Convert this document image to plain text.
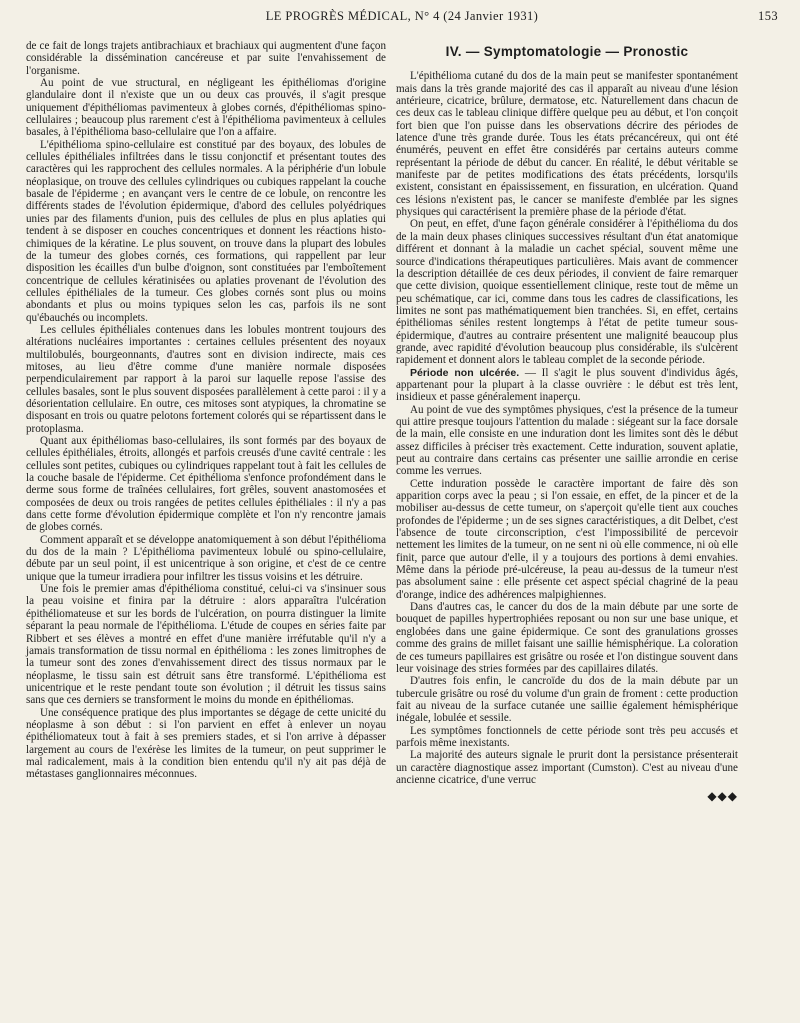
LE PROGRÈS MÉDICAL, N° 4 (24 Janvier 1931)	153

de ce fait de longs trajets antibrachiaux et brachiaux qui augmentent d'une façon considérable la dissémination cancéreuse et par suite l'envahissement de l'organisme.

Au point de vue structural, en négligeant les épithéliomas d'origine glandulaire dont il n'existe que un ou deux cas prouvés, il s'agit presque uniquement d'épithéliomas pavimenteux à globes cornés, d'épithéliomas spino-cellulaires ; beaucoup plus rarement c'est à l'épithélioma pavimenteux à cellules basales, à l'épithélioma baso-cellulaire que l'on a affaire.

L'épithélioma spino-cellulaire est constitué par des boyaux, des lobules de cellules épithéliales infiltrées dans le tissu conjonctif et présentant toutes des caractères qui les rapprochent des cellules normales. A la périphérie d'un lobule néoplasique, on trouve des cellules cylindriques ou cubiques rappelant la couche basale de l'épiderme ; en avançant vers le centre de ce lobule, on rencontre les différents stades de l'évolution épidermique, d'abord des cellules polyédriques unies par des filaments d'union, puis des cellules de plus en plus aplaties qui tendent à se disposer en couches concentriques et donnent les réactions histo-chimiques de la kératine. Le plus souvent, on trouve dans la plupart des lobules de la tumeur des globes cornés, ces formations, qui rappellent par leur disposition les écailles d'un bulbe d'oignon, sont constituées par l'emboîtement concentrique de cellules kératinisées ou aplaties provenant de l'évolution des cellules épithéliales de la tumeur. Ces globes cornés sont plus ou moins abondants et plus ou moins typiques selon les cas, parfois ils ne sont qu'ébauchés ou incomplets.

Les cellules épithéliales contenues dans les lobules montrent toujours des altérations nucléaires importantes : certaines cellules présentent des noyaux multilobulés, bourgeonnants, d'autres sont en division indirecte, mais ces mitoses, au lieu d'être comme d'une manière normale disposées perpendiculairement par rapport à la paroi sur laquelle repose l'assise des cellules basales, sont le plus souvent disposées parallèlement à cette paroi : il y a désorientation cellulaire. En outre, ces mitoses sont atypiques, la chromatine se disposant en trois ou quatre pelotons fortement colorés qui se répartissent dans le protoplasma.

Quant aux épithéliomas baso-cellulaires, ils sont formés par des boyaux de cellules épithéliales, étroits, allongés et parfois creusés d'une cavité centrale : les cellules sont petites, cubiques ou cylindriques rappelant tout à fait les cellules de la couche basale de l'épiderme. Cet épithélioma s'enfonce profondément dans le derme sous forme de traînées cellulaires, fort grêles, souvent anastomosées et composées de deux ou trois rangées de petites cellules épithéliales : il n'y a pas dans cette forme d'évolution épidermique complète et l'on n'y rencontre jamais de globes cornés.

Comment apparaît et se développe anatomiquement à son début l'épithélioma du dos de la main ? L'épithélioma pavimenteux lobulé ou spino-cellulaire, débute par un seul point, il est unicentrique à son origine, et c'est de ce centre unique que la tumeur irradiera pour infiltrer les tissus voisins et les détruire.

Une fois le premier amas d'épithélioma constitué, celui-ci va s'insinuer sous la peau voisine et finira par la détruire : alors apparaîtra l'ulcération épithéliomateuse et sur les bords de l'ulcération, on pourra distinguer la limite séparant la peau normale de l'épithélioma. L'étude de coupes en séries faite par Ribbert et ses élèves a montré en effet d'une manière irréfutable qu'il n'y a jamais transformation de tissu normal en épithélioma : les zones limitrophes de la tumeur sont des zones d'envahissement direct des tissus normaux par le néoplasme, le tissu sain est détruit sans être transformé. L'épithélioma est unicentrique et le reste pendant toute son évolution ; il détruit les tissus sains sans que ces derniers se transforment le moins du monde en épithéliomas.

Une conséquence pratique des plus importantes se dégage de cette unicité du néoplasme à son début : si l'on parvient en effet à enlever un noyau épithéliomateux tout à fait à ses premiers stades, et si l'on arrive à dépasser largement au cours de l'exérèse les limites de la tumeur, on peut supprimer le mal radicalement, mais à la condition bien entendu qu'il n'y ait pas déjà de métastases ganglionnaires méconnues.

IV. — Symptomatologie — Pronostic

L'épithélioma cutané du dos de la main peut se manifester spontanément mais dans la très grande majorité des cas il apparaît au niveau d'une lésion antérieure, cicatrice, brûlure, dermatose, etc. Naturellement dans chacun de ces deux cas le tableau clinique diffère quelque peu au début, et l'on conçoit fort bien que l'on puisse dans les observations décrire des périodes de latence d'une très grande durée. Tous les états précancéreux, qui ont été énumérés, peuvent en effet être considérés par certains auteurs comme représentant la période de début du cancer. En réalité, le début véritable se manifeste par de petites modifications des états précédents, lorsqu'ils existent, consistant en épaississement, en fissuration, en ulcération. Quand ces lésions n'existent pas, le cancer se manifeste d'emblée par les signes physiques qui caractérisent la première phase de la période d'état.

On peut, en effet, d'une façon générale considérer à l'épithélioma du dos de la main deux phases cliniques successives résultant d'un état anatomique différent et donnant à la maladie un cachet spécial, souvent même une source d'indications thérapeutiques particulières. Mais avant de commencer la description détaillée de ces deux périodes, il convient de faire remarquer que cette division, quoique essentiellement clinique, reste tout de même un peu schématique, car ici, comme dans tous les cadres de classifications, les limites ne sont pas mathématiquement bien tranchées. Si, en effet, certains épithéliomas séniles restent longtemps à l'état de petite tumeur sous-épidermique, d'autres au contraire présentent une malignité beaucoup plus grande, avec rapidité d'évolution beaucoup plus considérable, ils s'ulcèrent rapidement et donnent alors le tableau complet de la seconde période.

Période non ulcérée. — Il s'agit le plus souvent d'individus âgés, appartenant pour la plupart à la classe ouvrière : le début est très lent, insidieux et passe généralement inaperçu.

Au point de vue des symptômes physiques, c'est la présence de la tumeur qui attire presque toujours l'attention du malade : siégeant sur la face dorsale de la main, elle consiste en une induration dont les limites sont dès le début assez difficiles à préciser très exactement. Cette induration, souvent aplatie, peut au contraire dans certains cas présenter une saillie arrondie en cerise comme les verrues.

Cette induration possède le caractère important de faire dès son apparition corps avec la peau ; si l'on essaie, en effet, de la pincer et de la mobiliser au-dessus de cette tumeur, on s'aperçoit qu'elle tient aux couches profondes de l'épiderme ; un de ses signes caractéristiques, a dit Delbet, c'est l'absence de toute circonscription, c'est l'impossibilité de percevoir nettement les limites de la tumeur, on ne sent ni où elle commence, ni où elle finit, parce que autour d'elle, il y a toujours des portions à demi envahies. Même dans la période pré-ulcéreuse, la peau au-dessus de la tumeur n'est pas absolument saine : elle présente cet aspect spécial chagriné de la peau d'orange, indice des adhérences malpighiennes.

Dans d'autres cas, le cancer du dos de la main débute par une sorte de bouquet de papilles hypertrophiées reposant ou non sur une base unique, et englobées dans une gaine épidermique. Ce sont des granulations grosses comme des grains de millet faisant une saillie hémisphérique. La coloration de ces tumeurs papillaires est grisâtre ou rosée et l'on distingue souvent dans leur voisinage des stries formées par des capillaires dilatés.

D'autres fois enfin, le cancroïde du dos de la main débute par un tubercule grisâtre ou rosé du volume d'un grain de froment : cette production fait au niveau de la surface cutanée une saillie également hémisphérique inégale, lobulée et sessile.

Les symptômes fonctionnels de cette période sont très peu accusés et parfois même inexistants.

La majorité des auteurs signale le prurit dont la persistance présenterait un caractère diagnostique assez important (Cumston). C'est au niveau d'une ancienne cicatrice, d'une verruc

◆◆◆
